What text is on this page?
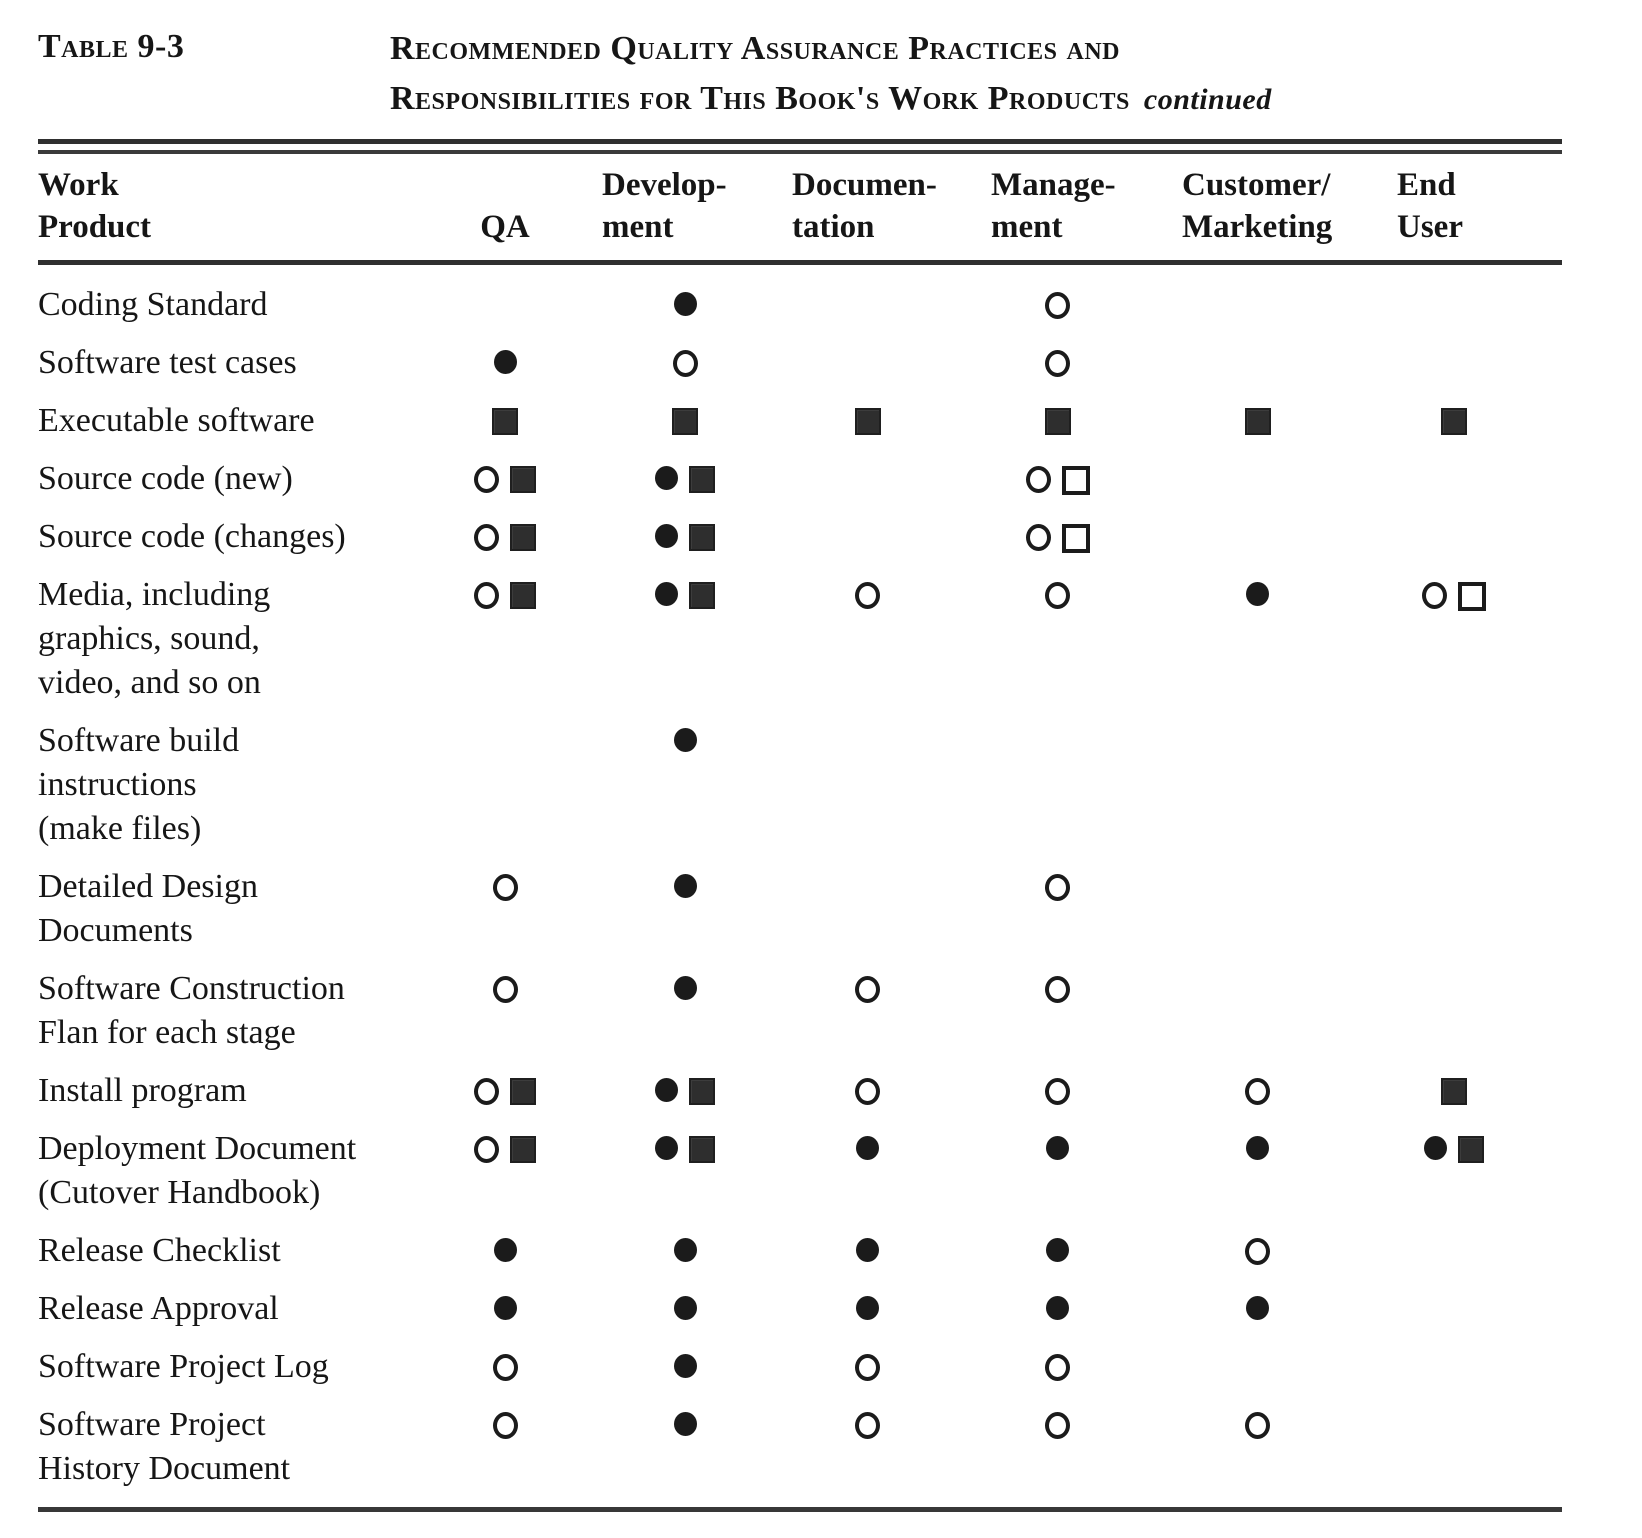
Table 9-3	Recommended Quality Assurance Practices and
Responsibilities for This Book's Work Products continued
Work
Product	QA
Develop-
ment
Documen-
tation
Manage-
ment
Customer/
Marketing
End
User
Coding Standard
Software test cases
Executable software
Source code (new)
Source code (changes)
Media, including
graphics, sound,
video, and so on
Software build
instructions
(make files)
Detailed Design
Documents
Software Construction
Flan for each stage
Install program
Deployment Document
(Cutover Handbook)
Release Checklist
Release Approval
Software Project Log
Software Project
History Document
